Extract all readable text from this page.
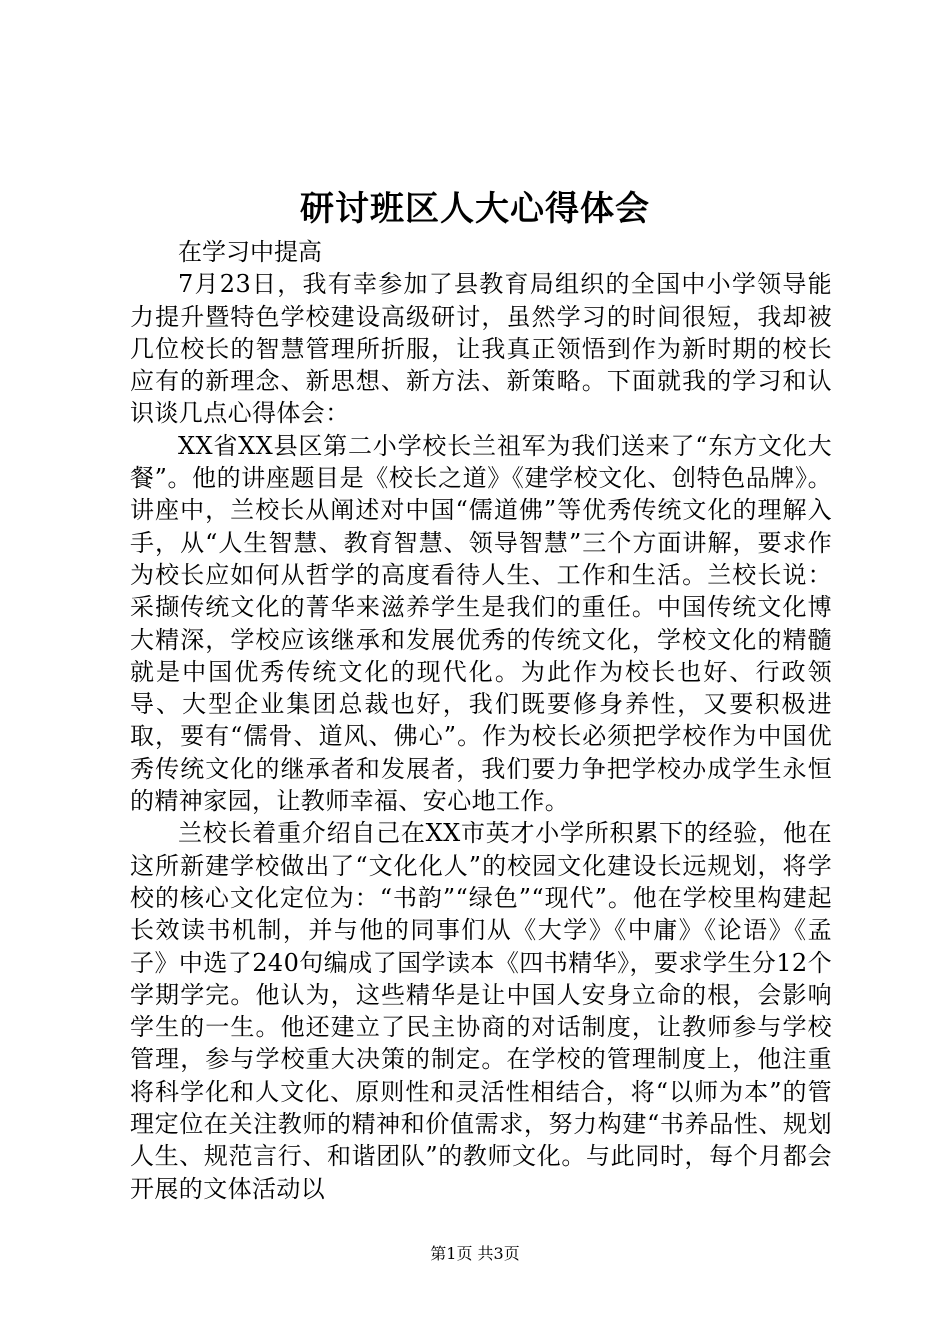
研讨班区人大心得体会

在学习中提高

7月23日，我有幸参加了县教育局组织的全国中小学领导能力提升暨特色学校建设高级研讨，虽然学习的时间很短，我却被几位校长的智慧管理所折服，让我真正领悟到作为新时期的校长应有的新理念、新思想、新方法、新策略。下面就我的学习和认识谈几点心得体会：

XX省XX县区第二小学校长兰祖军为我们送来了“东方文化大餐”。他的讲座题目是《校长之道》《建学校文化、创特色品牌》。讲座中，兰校长从阐述对中国“儒道佛”等优秀传统文化的理解入手，从“人生智慧、教育智慧、领导智慧”三个方面讲解，要求作为校长应如何从哲学的高度看待人生、工作和生活。兰校长说：采撷传统文化的菁华来滋养学生是我们的重任。中国传统文化博大精深，学校应该继承和发展优秀的传统文化，学校文化的精髓就是中国优秀传统文化的现代化。为此作为校长也好、行政领导、大型企业集团总裁也好，我们既要修身养性，又要积极进取，要有“儒骨、道风、佛心”。作为校长必须把学校作为中国优秀传统文化的继承者和发展者，我们要力争把学校办成学生永恒的精神家园，让教师幸福、安心地工作。

兰校长着重介绍自己在XX市英才小学所积累下的经验，他在这所新建学校做出了“文化化人”的校园文化建设长远规划，将学校的核心文化定位为：“书韵”“绿色”“现代”。他在学校里构建起长效读书机制，并与他的同事们从《大学》《中庸》《论语》《孟子》中选了240句编成了国学读本《四书精华》，要求学生分12个学期学完。他认为，这些精华是让中国人安身立命的根，会影响学生的一生。他还建立了民主协商的对话制度，让教师参与学校管理，参与学校重大决策的制定。在学校的管理制度上，他注重将科学化和人文化、原则性和灵活性相结合，将“以师为本”的管理定位在关注教师的精神和价值需求，努力构建“书养品性、规划人生、规范言行、和谐团队”的教师文化。与此同时，每个月都会开展的文体活动以

第1页 共3页
